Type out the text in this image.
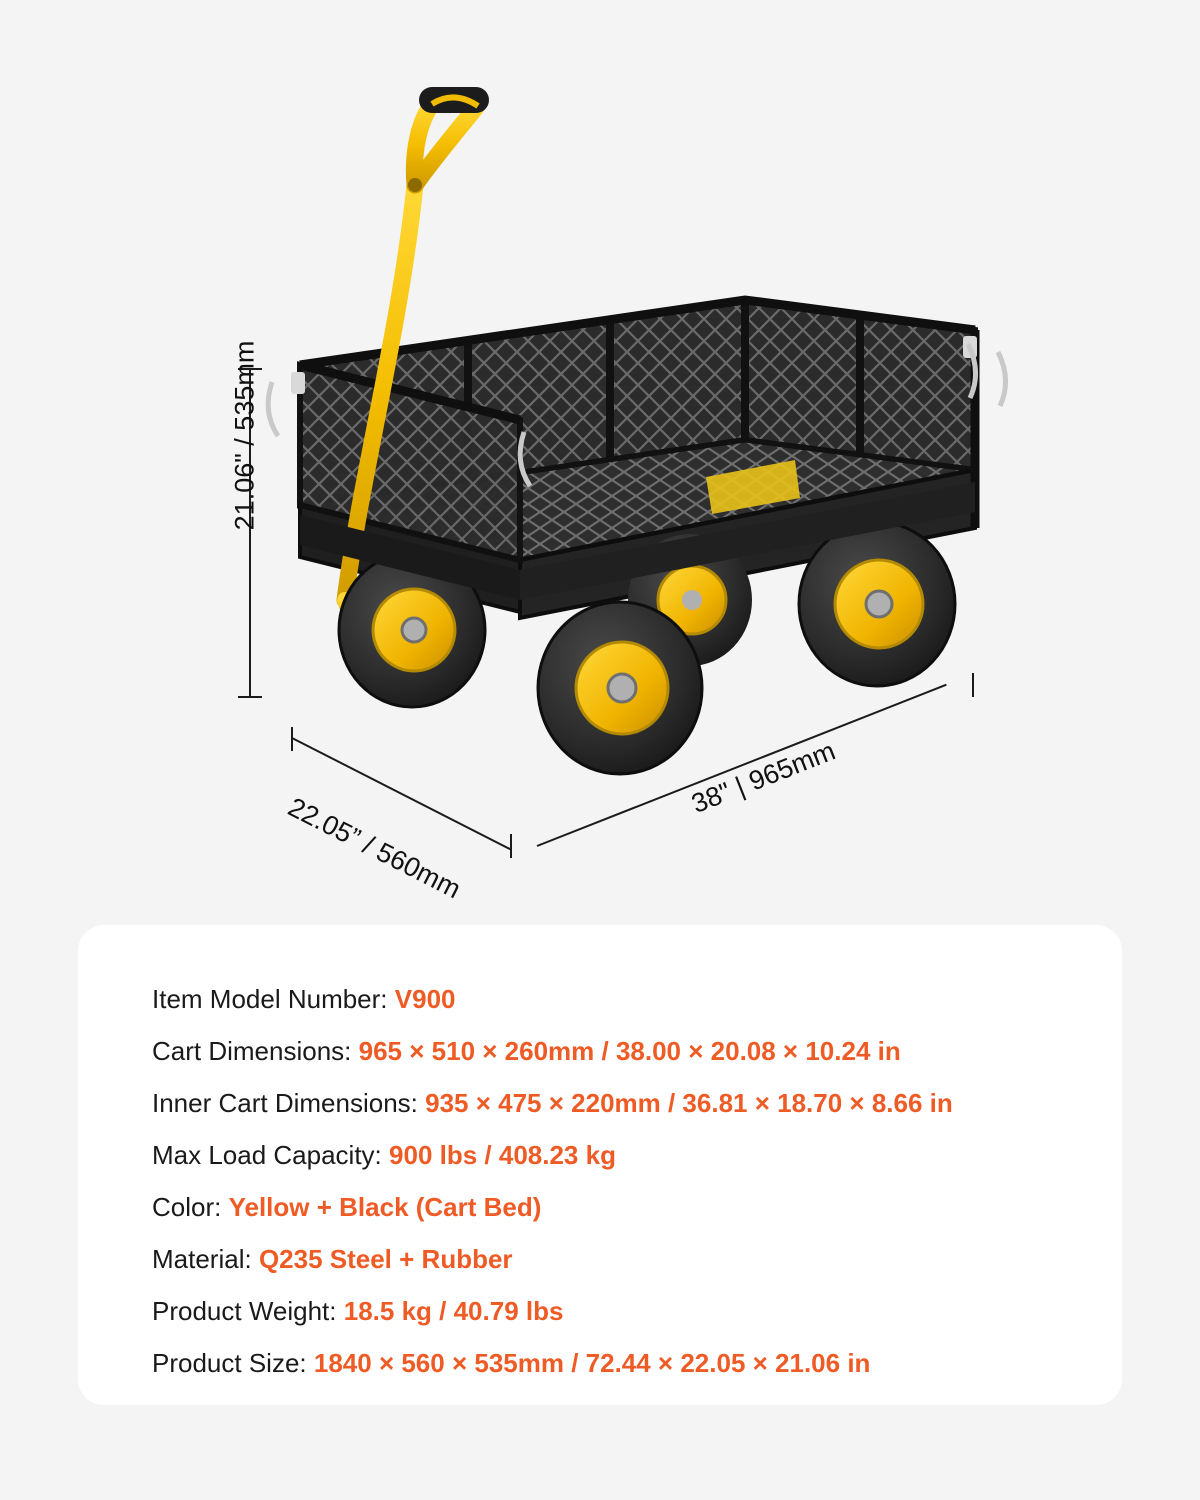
21.06" / 535mm
22.05” / 560mm
38" | 965mm
Item Model Number: V900
Cart Dimensions: 965 × 510 × 260mm / 38.00 × 20.08 × 10.24 in
Inner Cart Dimensions: 935 × 475 × 220mm / 36.81 × 18.70 × 8.66 in
Max Load Capacity: 900 lbs / 408.23 kg
Color: Yellow + Black (Cart Bed)
Material: Q235 Steel + Rubber
Product Weight: 18.5 kg / 40.79 lbs
Product Size: 1840 × 560 × 535mm / 72.44 × 22.05 × 21.06 in
